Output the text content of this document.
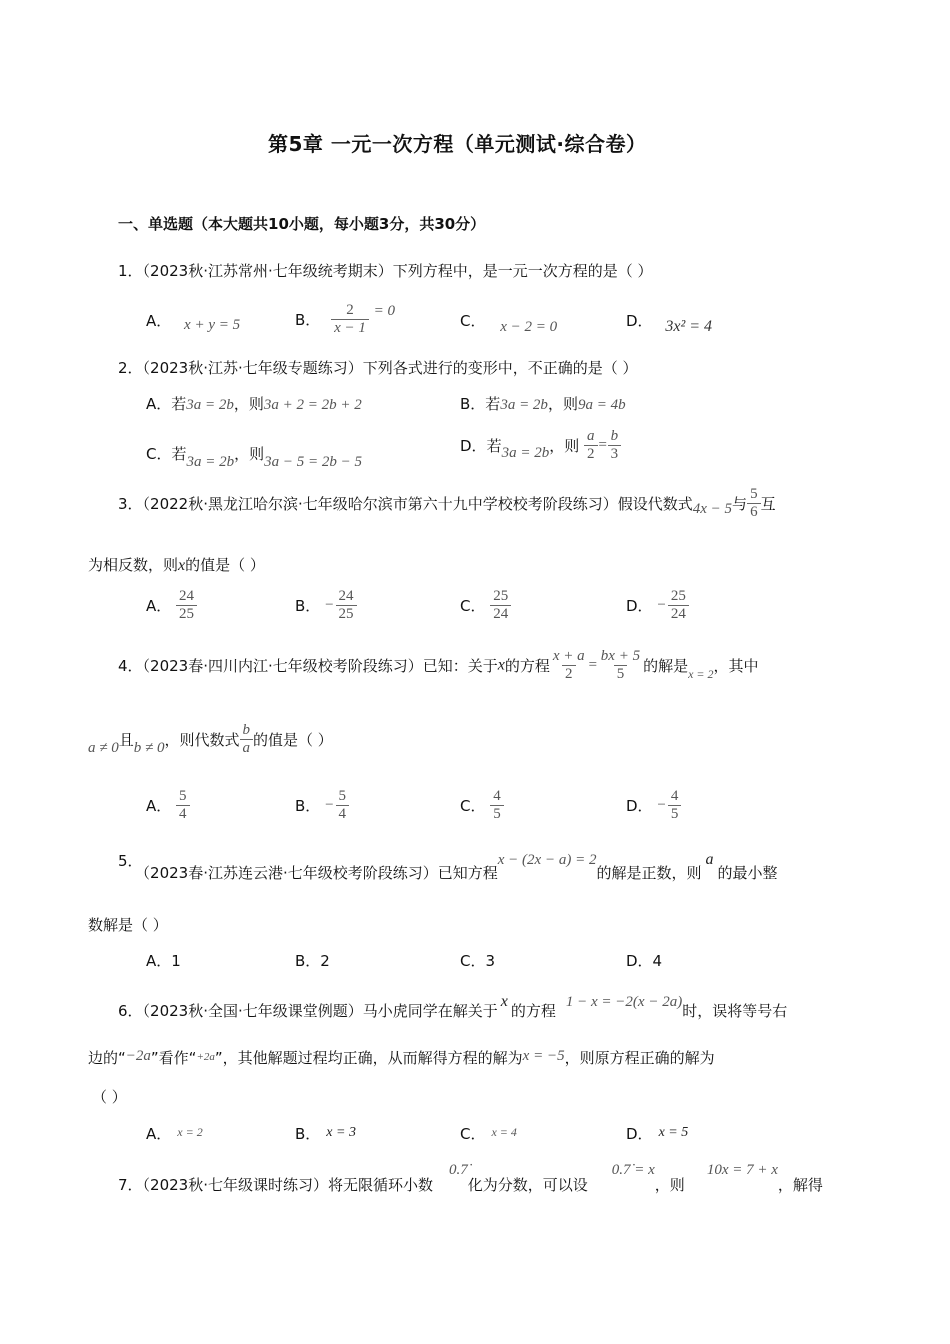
第5章 一元一次方程（单元测试·综合卷）
一、单选题（本大题共10小题，每小题3分，共30分）
1．（2023秋·江苏常州·七年级统考期末）下列方程中，是一元一次方程的是（ ）
A． x + y = 5	B． $\frac{2}{x - 1} = 0$
C． x − 2 = 0	D． 3x² = 4
2．（2023秋·江苏·七年级专题练习）下列各式进行的变形中，不正确的是（ ）
A．若3a = 2b，则3a + 2 = 2b + 2	B．若3a = 2b，则9a = 4b
C．若3a = 2b，则3a − 5 = 2b − 5
D．若3a = 2b，则 $\frac{a}{2} = \frac{b}{3}$
3．（2022秋·黑龙江哈尔滨·七年级哈尔滨市第六十九中学校校考阶段练习）假设代数式4x − 5与 $\frac{5}{6}$ 互
为相反数，则x的值是（ ）
A． $\frac{24}{25}$	B． − $\frac{24}{25}$	C． $\frac{25}{24}$	D． − $\frac{25}{24}$
4．（2023春·四川内江·七年级校考阶段练习）已知：关于x的方程 $\frac{x + a}{2} = \frac{bx + 5}{5}$ 的解是$_{x = 2}$，其中
a ≠ 0且b ≠ 0，则代数式 $\frac{b}{a}$ 的值是（ ）
A． $\frac{5}{4}$	B． − $\frac{5}{4}$	C． $\frac{4}{5}$	D． − $\frac{4}{5}$
5．（2023春·江苏连云港·七年级校考阶段练习）已知方程x − (2x − a) = 2的解是正数，则a的最小整
数解是（ ）
A．1	B．2	C．3	D．4
6．（2023秋·全国·七年级课堂例题）马小虎同学在解关于x的方程 1 − x = −2(x − 2a)时，误将等号右
边的“−2a”看作“$^{+2a}$”，其他解题过程均正确，从而解得方程的解为x = −5，则原方程正确的解为
（ ）
A． $^{x = 2}$	B． x = 3	C． $^{x = 4}$	D． x = 5
7．（2023秋·七年级课时练习）将无限循环小数0.7̇化为分数，可以设0.7̇ = x，则10x = 7 + x，解得
